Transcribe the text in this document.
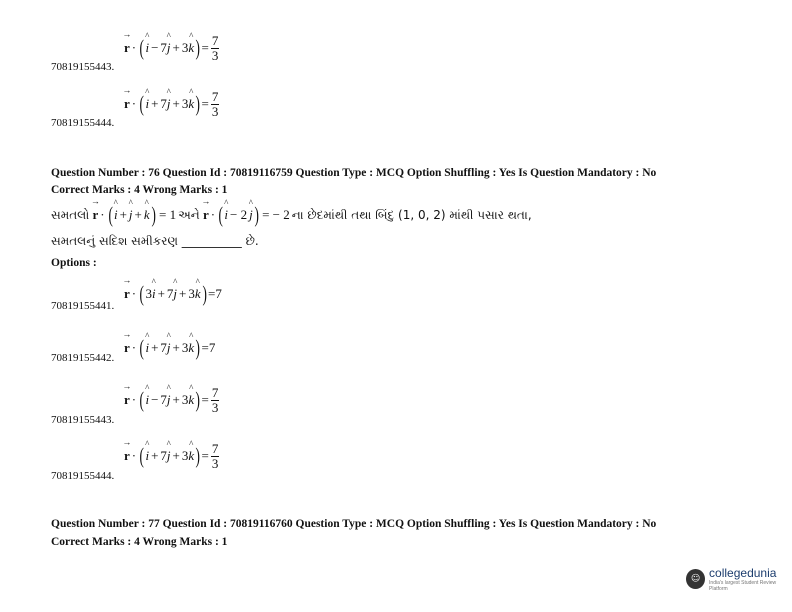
→ r · ( ^ i − 7 ^ j + 3 ^ k ) = $\frac{7}{3}$
70819155443.
→ r · ( ^ i + 7 ^ j + 3 ^ k ) = $\frac{7}{3}$
70819155444.
Question Number : 76 Question Id : 70819116759 Question Type : MCQ Option Shuffling : Yes Is Question Mandatory : No
Correct Marks : 4 Wrong Marks : 1
સમતલો
→ r · ( ^ i + ^ j + ^ k ) = 1 અને
→ r · ( ^ i − 2 ^ j ) = − 2 ના છેદમાંથી તથા બિંદુ (1, 0, 2) માંથી પસાર થતા,
સમતલનું સદિશ સમીકરણ __________ છે.
Options :
→ r · ( 3 ^ i + 7 ^ j + 3 ^ k ) =7
70819155441.
→ r · ( ^ i + 7 ^ j + 3 ^ k ) =7
70819155442.
→ r · ( ^ i − 7 ^ j + 3 ^ k ) = $\frac{7}{3}$
70819155443.
→ r · ( ^ i + 7 ^ j + 3 ^ k ) = $\frac{7}{3}$
70819155444.
Question Number : 77 Question Id : 70819116760 Question Type : MCQ Option Shuffling : Yes Is Question Mandatory : No
Correct Marks : 4 Wrong Marks : 1
☺ collegedunia
India's largest Student Review Platform
